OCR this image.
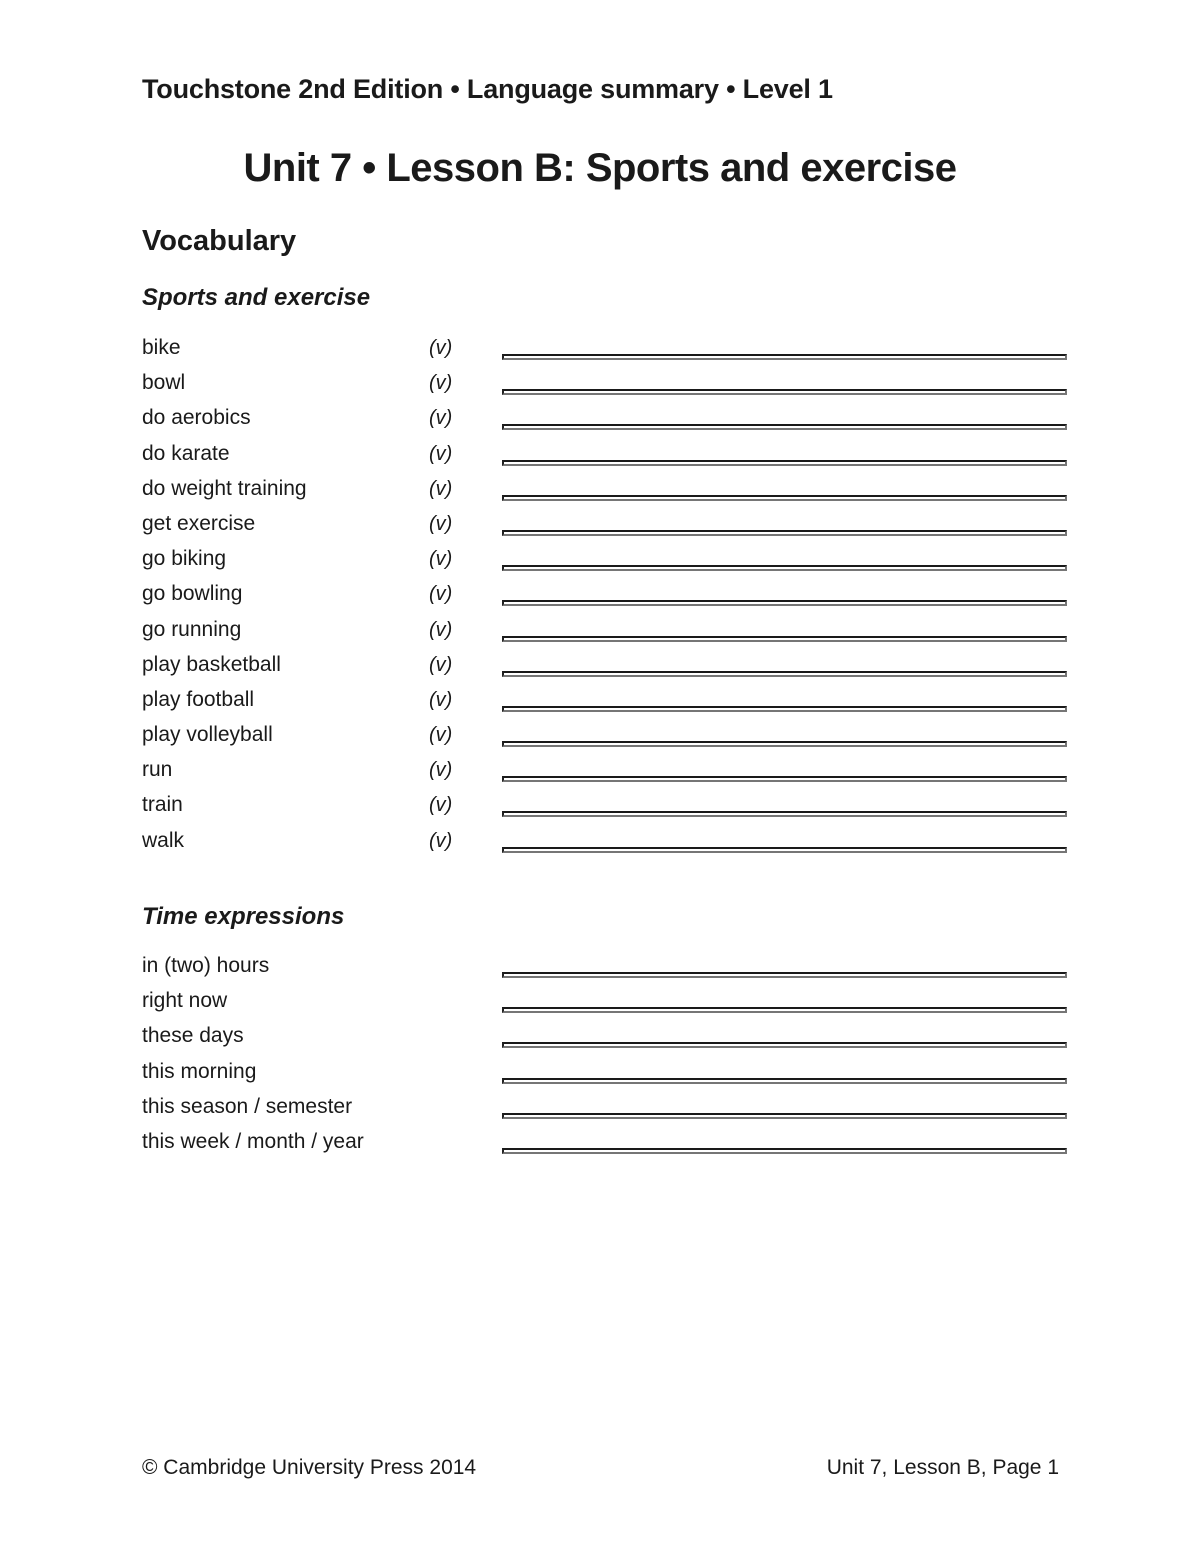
Touchstone 2nd Edition • Language summary • Level 1
Unit 7 • Lesson B: Sports and exercise
Vocabulary
Sports and exercise
bike	(v)
bowl	(v)
do aerobics	(v)
do karate	(v)
do weight training	(v)
get exercise	(v)
go biking	(v)
go bowling	(v)
go running	(v)
play basketball	(v)
play football	(v)
play volleyball	(v)
run	(v)
train	(v)
walk	(v)
Time expressions
in (two) hours
right now
these days
this morning
this season / semester
this week / month / year
© Cambridge University Press 2014	Unit 7, Lesson B, Page 1
